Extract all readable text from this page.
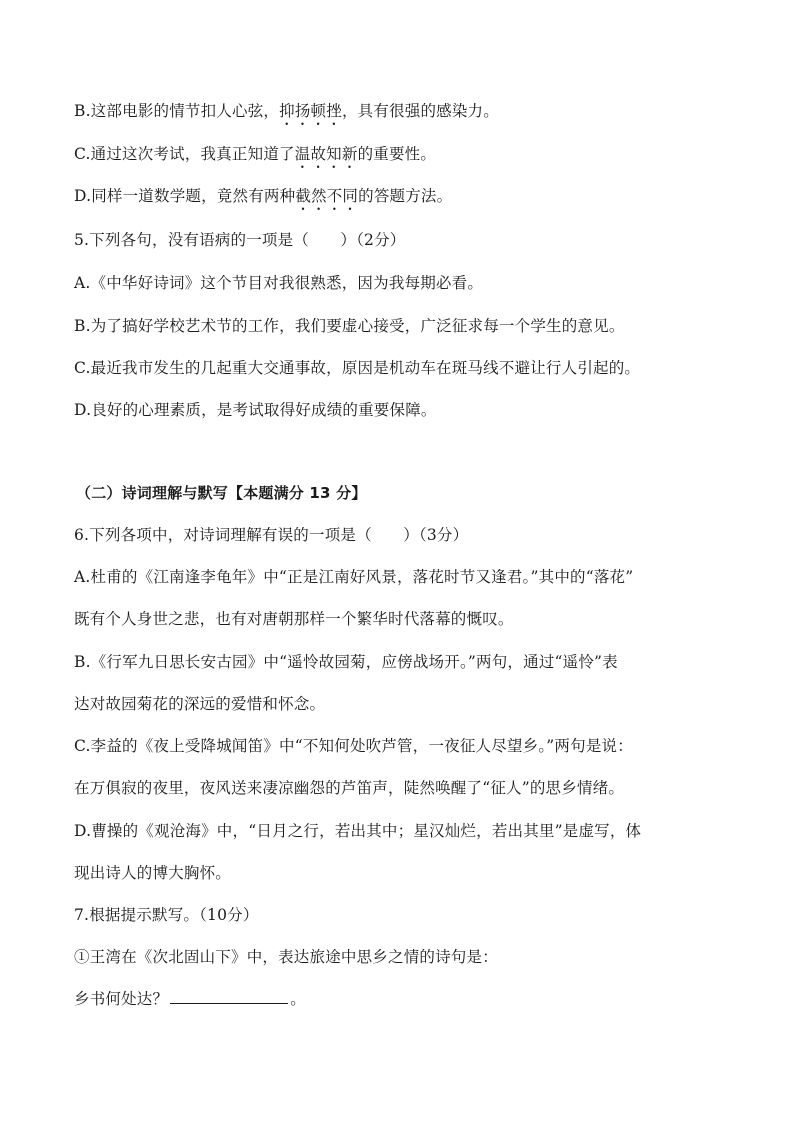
B.这部电影的情节扣人心弦，抑扬顿挫，具有很强的感染力。
C.通过这次考试，我真正知道了温故知新的重要性。
D.同样一道数学题，竟然有两种截然不同的答题方法。
5.下列各句，没有语病的一项是（　　）（2分）
A.《中华好诗词》这个节目对我很熟悉，因为我每期必看。
B.为了搞好学校艺术节的工作，我们要虚心接受，广泛征求每一个学生的意见。
C.最近我市发生的几起重大交通事故，原因是机动车在斑马线不避让行人引起的。
D.良好的心理素质，是考试取得好成绩的重要保障。
（二）诗词理解与默写【本题满分 13 分】
6.下列各项中，对诗词理解有误的一项是（　　）（3分）
A.杜甫的《江南逢李龟年》中“正是江南好风景，落花时节又逢君。”其中的“落花”
既有个人身世之悲，也有对唐朝那样一个繁华时代落幕的慨叹。
B.《行军九日思长安古园》中“遥怜故园菊，应傍战场开。”两句，通过“遥怜”表
达对故园菊花的深远的爱惜和怀念。
C.李益的《夜上受降城闻笛》中“不知何处吹芦管，一夜征人尽望乡。”两句是说：
在万俱寂的夜里，夜风送来凄凉幽怨的芦笛声，陡然唤醒了“征人”的思乡情绪。
D.曹操的《观沧海》中，“日月之行，若出其中；星汉灿烂，若出其里”是虚写，体
现出诗人的博大胸怀。
7.根据提示默写。（10分）
①王湾在《次北固山下》中，表达旅途中思乡之情的诗句是：
乡书何处达？	。
